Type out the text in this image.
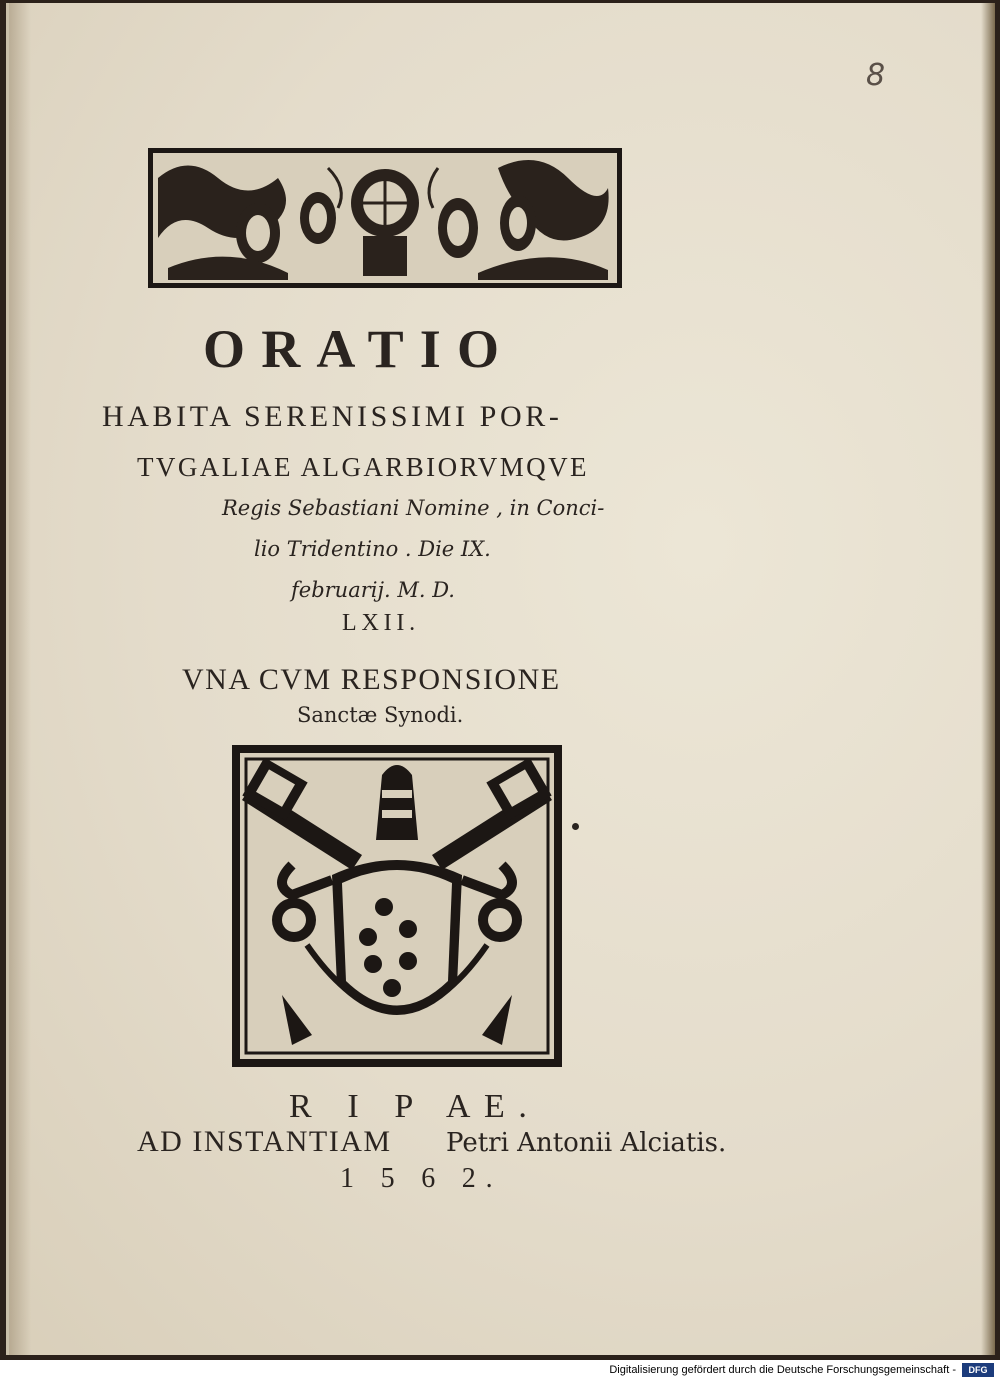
8
ORATIO
HABITA SERENISSIMI POR-
TVGALIAE ALGARBIORVMQVE
Regis Sebastiani Nomine , in Conci-
lio Tridentino . Die IX.
februarij. M. D.
LXII.
VNA CVM RESPONSIONE
Sanctæ Synodi.
R I P AE.
AD INSTANTIAM Petri Antonii Alciatis.
1 5 6 2.
Digitalisierung gefördert durch die Deutsche Forschungsgemeinschaft -	DFG
